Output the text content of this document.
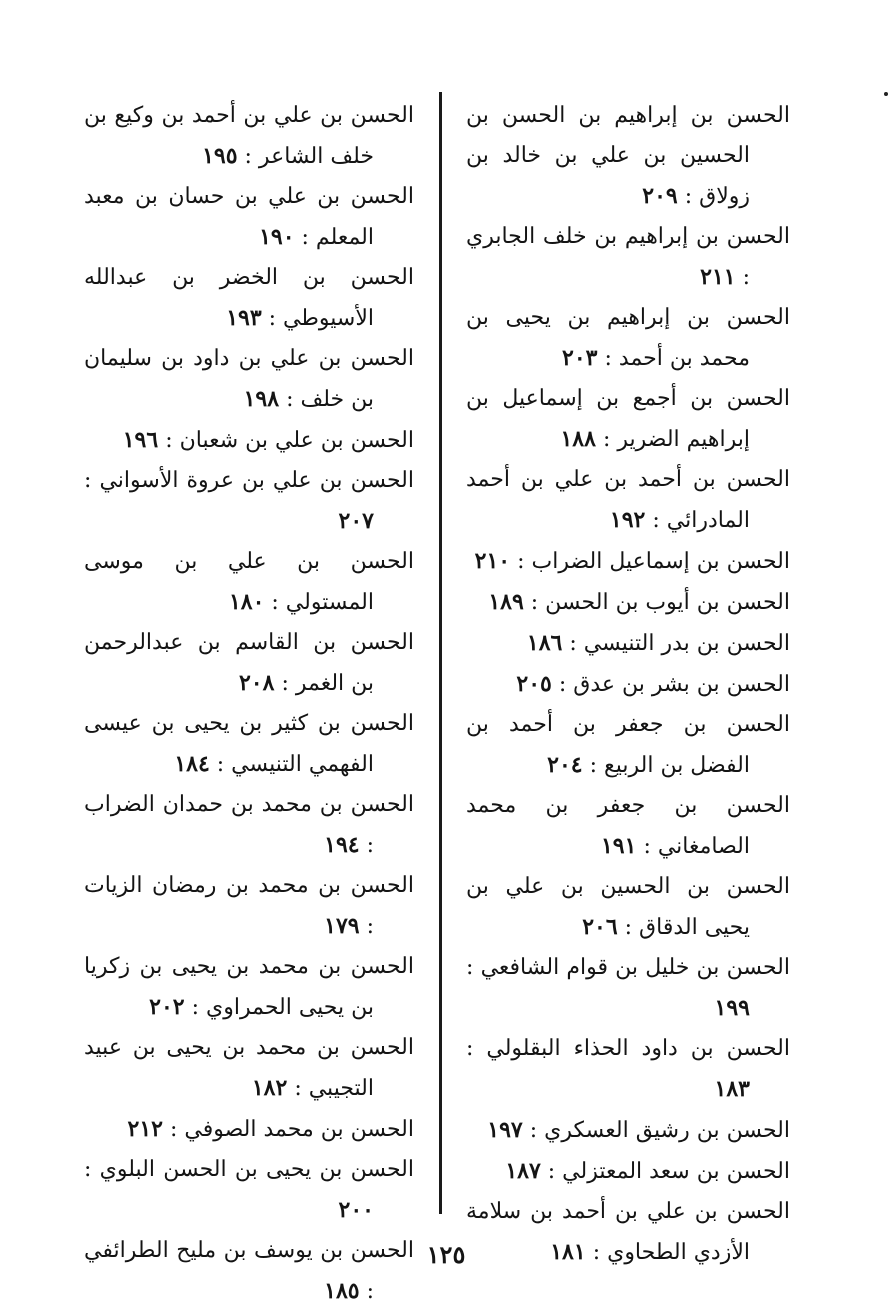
الحسن بن إبراهيم بن الحسن بن الحسين بن علي بن خالد بن زولاق : ٢٠٩
الحسن بن إبراهيم بن خلف الجابري : ٢١١
الحسن بن إبراهيم بن يحيى بن محمد بن أحمد : ٢٠٣
الحسن بن أجمع بن إسماعيل بن إبراهيم الضرير : ١٨٨
الحسن بن أحمد بن علي بن أحمد المادرائي : ١٩٢
الحسن بن إسماعيل الضراب : ٢١٠
الحسن بن أيوب بن الحسن : ١٨٩
الحسن بن بدر التنيسي : ١٨٦
الحسن بن بشر بن عدق : ٢٠٥
الحسن بن جعفر بن أحمد بن الفضل بن الربيع : ٢٠٤
الحسن بن جعفر بن محمد الصامغاني : ١٩١
الحسن بن الحسين بن علي بن يحيى الدقاق : ٢٠٦
الحسن بن خليل بن قوام الشافعي : ١٩٩
الحسن بن داود الحذاء البقلولي : ١٨٣
الحسن بن رشيق العسكري : ١٩٧
الحسن بن سعد المعتزلي : ١٨٧
الحسن بن علي بن أحمد بن سلامة الأزدي الطحاوي : ١٨١
الحسن بن علي بن أحمد بن وكيع بن خلف الشاعر : ١٩٥
الحسن بن علي بن حسان بن معبد المعلم : ١٩٠
الحسن بن الخضر بن عبدالله الأسيوطي : ١٩٣
الحسن بن علي بن داود بن سليمان بن خلف : ١٩٨
الحسن بن علي بن شعبان : ١٩٦
الحسن بن علي بن عروة الأسواني : ٢٠٧
الحسن بن علي بن موسى المستولي : ١٨٠
الحسن بن القاسم بن عبدالرحمن بن الغمر : ٢٠٨
الحسن بن كثير بن يحيى بن عيسى الفهمي التنيسي : ١٨٤
الحسن بن محمد بن حمدان الضراب : ١٩٤
الحسن بن محمد بن رمضان الزيات : ١٧٩
الحسن بن محمد بن يحيى بن زكريا بن يحيى الحمراوي : ٢٠٢
الحسن بن محمد بن يحيى بن عبيد التجيبي : ١٨٢
الحسن بن محمد الصوفي : ٢١٢
الحسن بن يحيى بن الحسن البلوي : ٢٠٠
الحسن بن يوسف بن مليح الطرائفي : ١٨٥
١٢٥
